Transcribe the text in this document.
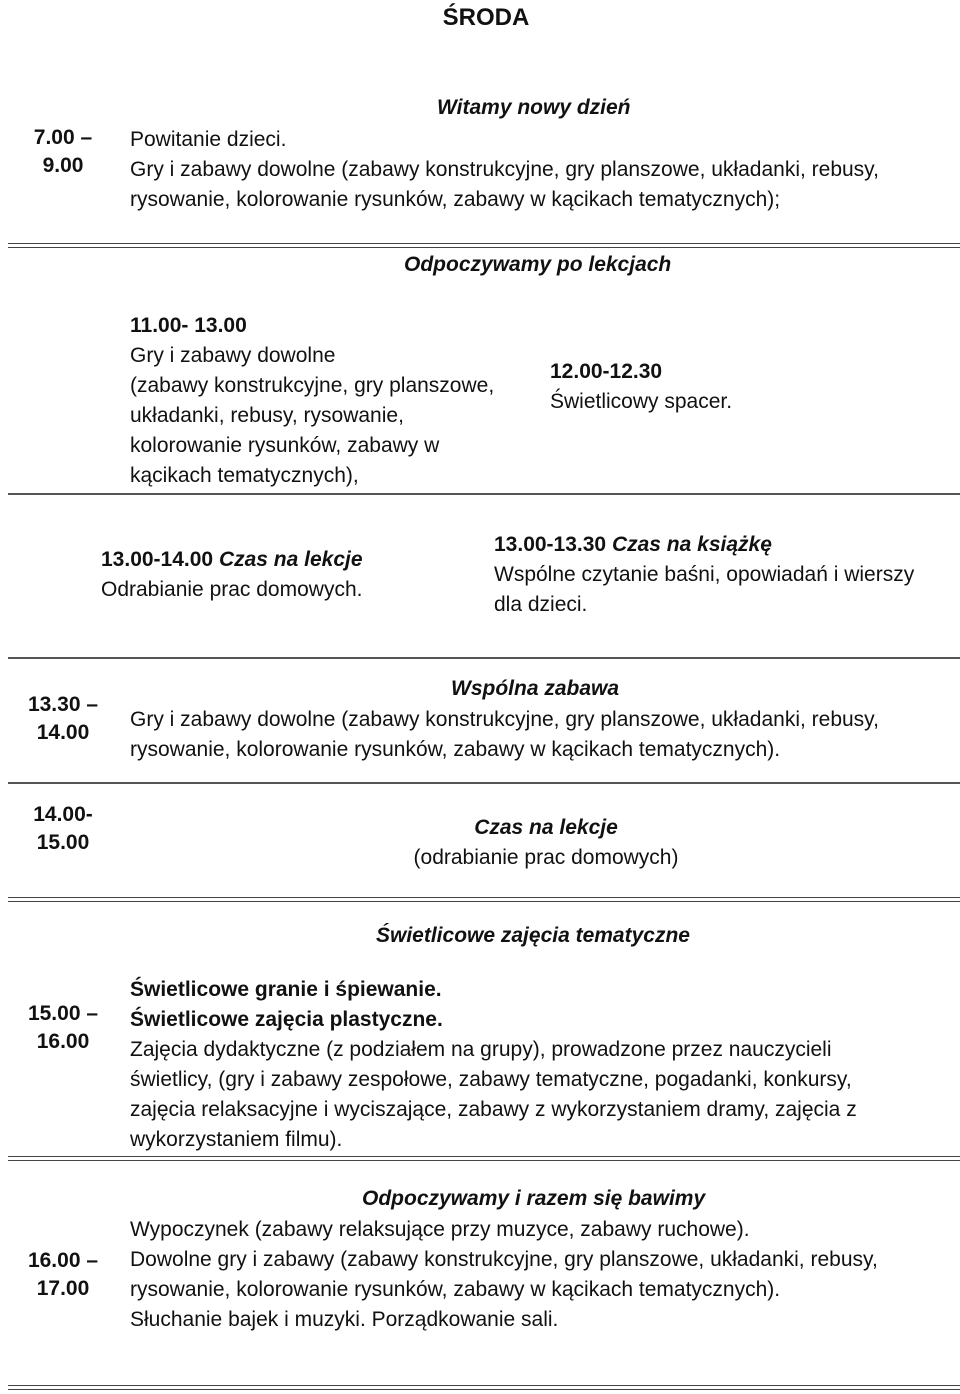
ŚRODA
Witamy nowy dzień
7.00 –
9.00
Powitanie dzieci.
Gry i zabawy dowolne (zabawy konstrukcyjne, gry planszowe, układanki, rebusy,
rysowanie, kolorowanie rysunków, zabawy w kącikach tematycznych);
Odpoczywamy po lekcjach
11.00- 13.00
Gry i zabawy dowolne
(zabawy konstrukcyjne, gry planszowe,
układanki, rebusy, rysowanie,
kolorowanie rysunków, zabawy w
kącikach tematycznych),
12.00-12.30
Świetlicowy spacer.
13.00-14.00 Czas na lekcje
Odrabianie prac domowych.
13.00-13.30 Czas na książkę
Wspólne czytanie baśni, opowiadań i wierszy
dla dzieci.
Wspólna zabawa
13.30 –
14.00
Gry i zabawy dowolne (zabawy konstrukcyjne, gry planszowe, układanki, rebusy,
rysowanie, kolorowanie rysunków, zabawy w kącikach tematycznych).
14.00-
15.00
Czas na lekcje
(odrabianie prac domowych)
Świetlicowe zajęcia tematyczne
15.00 –
16.00
Świetlicowe granie i śpiewanie.
Świetlicowe zajęcia plastyczne.
Zajęcia dydaktyczne (z podziałem na grupy), prowadzone przez nauczycieli
świetlicy, (gry i zabawy zespołowe, zabawy tematyczne, pogadanki, konkursy,
zajęcia relaksacyjne i wyciszające, zabawy z wykorzystaniem dramy, zajęcia z
wykorzystaniem filmu).
Odpoczywamy i razem się bawimy
16.00 –
17.00
Wypoczynek (zabawy relaksujące przy muzyce, zabawy ruchowe).
Dowolne gry i zabawy (zabawy konstrukcyjne, gry planszowe, układanki, rebusy,
rysowanie, kolorowanie rysunków, zabawy w kącikach tematycznych).
Słuchanie bajek i muzyki. Porządkowanie sali.
